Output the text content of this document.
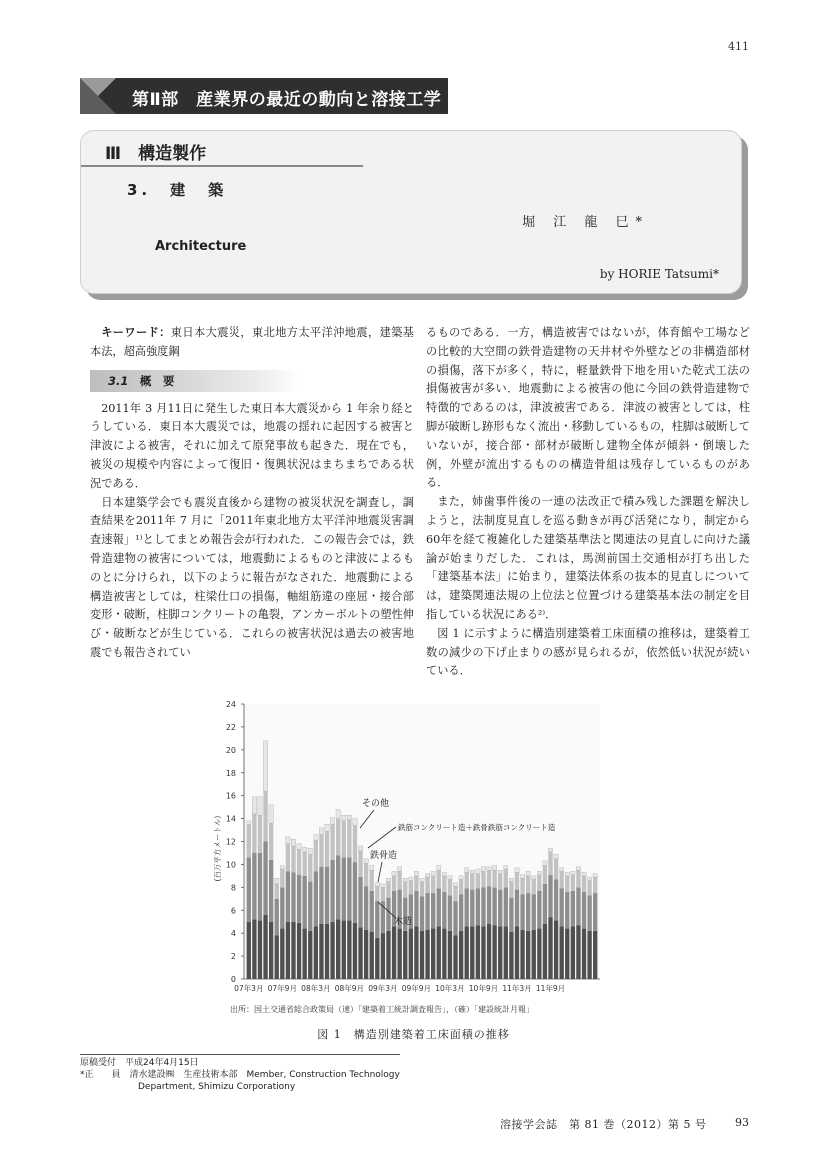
411
第Ⅱ部　産業界の最近の動向と溶接工学
Ⅲ　構造製作
3.　建　築
堀 江 龍 巳*
Architecture
by HORIE Tatsumi*

キーワード：東日本大震災，東北地方太平洋沖地震，建築基本法，超高強度鋼

3.1　 概　要

2011年 3 月11日に発生した東日本大震災から 1 年余り経とうしている．東日本大震災では，地震の揺れに起因する被害と津波による被害，それに加えて原発事故も起きた．現在でも，被災の規模や内容によって復旧・復興状況はまちまちである状況である．

日本建築学会でも震災直後から建物の被災状況を調査し，調査結果を2011年 7 月に「2011年東北地方太平洋沖地震災害調査速報」¹⁾としてまとめ報告会が行われた．この報告会では，鉄骨造建物の被害については，地震動によるものと津波によるものとに分けられ，以下のように報告がなされた．地震動による構造被害としては，柱梁仕口の損傷，軸組筋違の座屈・接合部変形・破断，柱脚コンクリートの亀裂，アンカーボルトの塑性伸び・破断などが生じている．これらの被害状況は過去の被害地震でも報告されてい

るものである．一方，構造被害ではないが，体育館や工場などの比較的大空間の鉄骨造建物の天井材や外壁などの非構造部材の損傷，落下が多く，特に，軽量鉄骨下地を用いた乾式工法の損傷被害が多い．地震動による被害の他に今回の鉄骨造建物で特徴的であるのは，津波被害である．津波の被害としては，柱脚が破断し跡形もなく流出・移動しているもの，柱脚は破断していないが，接合部・部材が破断し建物全体が傾斜・倒壊した例，外壁が流出するものの構造骨組は残存しているものがある．

また，姉歯事件後の一連の法改正で積み残した課題を解決しようと，法制度見直しを巡る動きが再び活発になり，制定から60年を経て複雑化した建築基準法と関連法の見直しに向けた議論が始まりだした．これは，馬渕前国土交通相が打ち出した「建築基本法」に始まり，建築法体系の抜本的見直しについては，建築関連法規の上位法と位置づける建築基本法の制定を目指している状況にある²⁾．

図 1 に示すように構造別建築着工床面積の推移は，建築着工数の減少の下げ止まりの感が見られるが，依然低い状況が続いている．

0
2
4
6
8
10
12
14
16
18
20
22
24
(百万平方メートル)
07年3月 07年9月 08年3月 08年9月 09年3月 09年9月 10年3月 10年9月 11年3月 11年9月
その他
鉄筋コンクリート造＋鉄骨鉄筋コンクリート造
鉄骨造
木造
出所：国土交通省総合政策局（速）「建築着工統計調査報告」，（確）「建設統計月報」
図 1　構造別建築着工床面積の推移
原稿受付　平成24年4月15日
*正　　員　清水建設㈱　生産技術本部　Member, Construction Technology
Department, Shimizu Corporationy
溶接学会誌　第 81 巻（2012）第 5 号	93
